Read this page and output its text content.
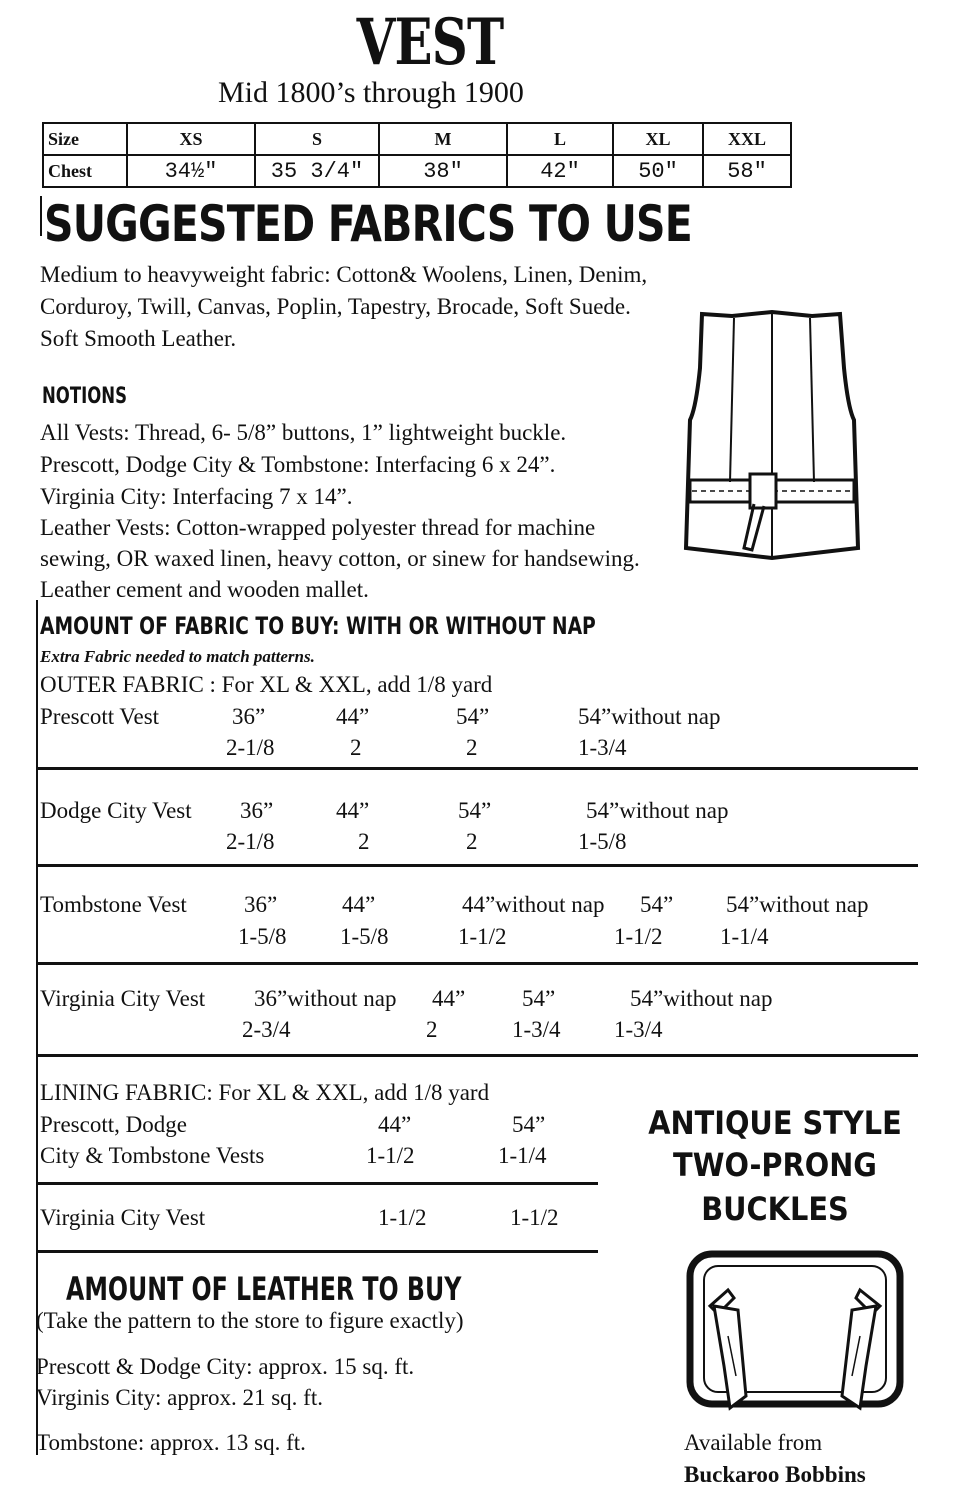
VEST
Mid 1800’s through 1900
Size	XS	S	M	L	XL	XXL
Chest	34½"	35 3/4"	38"	42"	50"	58"
SUGGESTED FABRICS TO USE
Medium to heavyweight fabric: Cotton& Woolens, Linen, Denim,
Corduroy, Twill, Canvas, Poplin, Tapestry, Brocade, Soft Suede.
Soft Smooth Leather.
NOTIONS
All Vests: Thread, 6- 5/8” buttons, 1” lightweight buckle.
Prescott, Dodge City & Tombstone: Interfacing 6 x 24”.
Virginia City: Interfacing 7 x 14”.
Leather Vests: Cotton-wrapped polyester thread for machine
sewing, OR waxed linen, heavy cotton, or sinew for handsewing.
Leather cement and wooden mallet.
AMOUNT OF FABRIC TO BUY: WITH OR WITHOUT NAP
Extra Fabric needed to match patterns.
OUTER FABRIC : For XL & XXL, add 1/8 yard
Prescott Vest	36”	44”	54”	54”without nap
2-1/8	2	2	1-3/4
Dodge City Vest 36”	44”	54”	54”without nap
2-1/8	2	2	1-5/8
Tombstone Vest 36”	44”	44”without nap 54” 54”without nap
1-5/8 1-5/8	1-1/2	1-1/2 1-1/4
Virginia City Vest 36”without nap 44” 54”	54”without nap
2-3/4	2	1-3/4 1-3/4
LINING FABRIC: For XL & XXL, add 1/8 yard
Prescott, Dodge	44”	54”
City & Tombstone Vests	1-1/2	1-1/4
Virginia City Vest	1-1/2	1-1/2
AMOUNT OF LEATHER TO BUY
(Take the pattern to the store to figure exactly)
Prescott & Dodge City: approx. 15 sq. ft.
Virginis City: approx. 21 sq. ft.
Tombstone: approx. 13 sq. ft.
ANTIQUE STYLE
TWO-PRONG
BUCKLES
Available from
Buckaroo Bobbins
